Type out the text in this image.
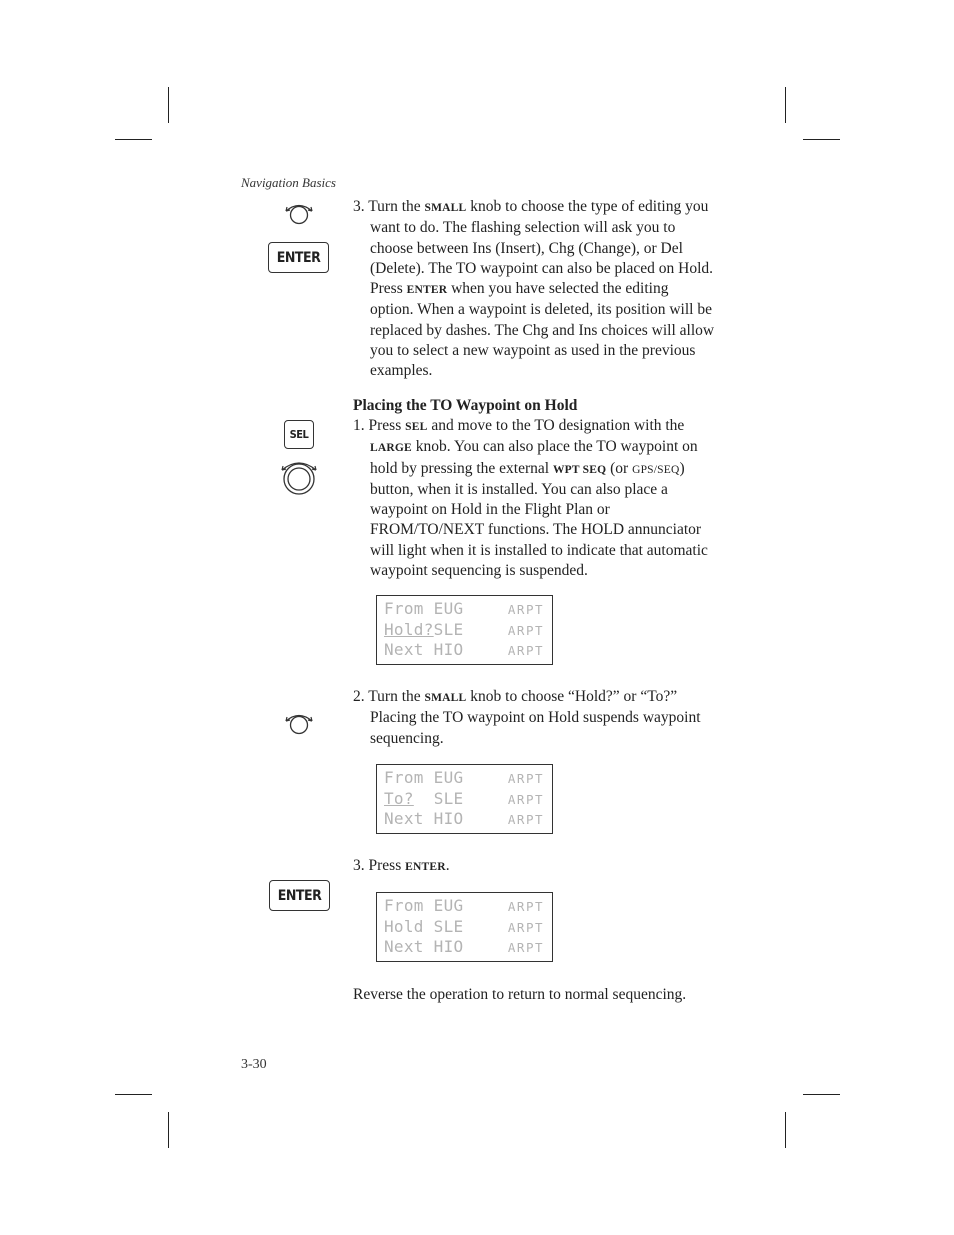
Navigation Basics
ENTER
SEL
ENTER

3. Turn the SMALL knob to choose the type of editing you want to do. The flashing selection will ask you to choose between Ins (Insert), Chg (Change), or Del (Delete). The TO waypoint can also be placed on Hold. Press ENTER when you have selected the editing option. When a waypoint is deleted, its position will be replaced by dashes. The Chg and Ins choices will allow you to select a new waypoint as used in the previous examples.

Placing the TO Waypoint on Hold

1. Press SEL and move to the TO designation with the LARGE knob. You can also place the TO waypoint on hold by pressing the external WPT SEQ (or GPS/SEQ) button, when it is installed. You can also place a waypoint on Hold in the Flight Plan or FROM/TO/NEXT functions. The HOLD annunciator will light when it is installed to indicate that automatic waypoint sequencing is suspended.

From EUG	ARPT
Hold?SLE	ARPT
Next HIO	ARPT

2. Turn the SMALL knob to choose “Hold?” or “To?” Placing the TO waypoint on Hold suspends waypoint sequencing.

From EUG	ARPT
To? SLE	ARPT
Next HIO	ARPT

3. Press ENTER.

From EUG	ARPT
Hold SLE	ARPT
Next HIO	ARPT
Reverse the operation to return to normal sequencing.
3-30
